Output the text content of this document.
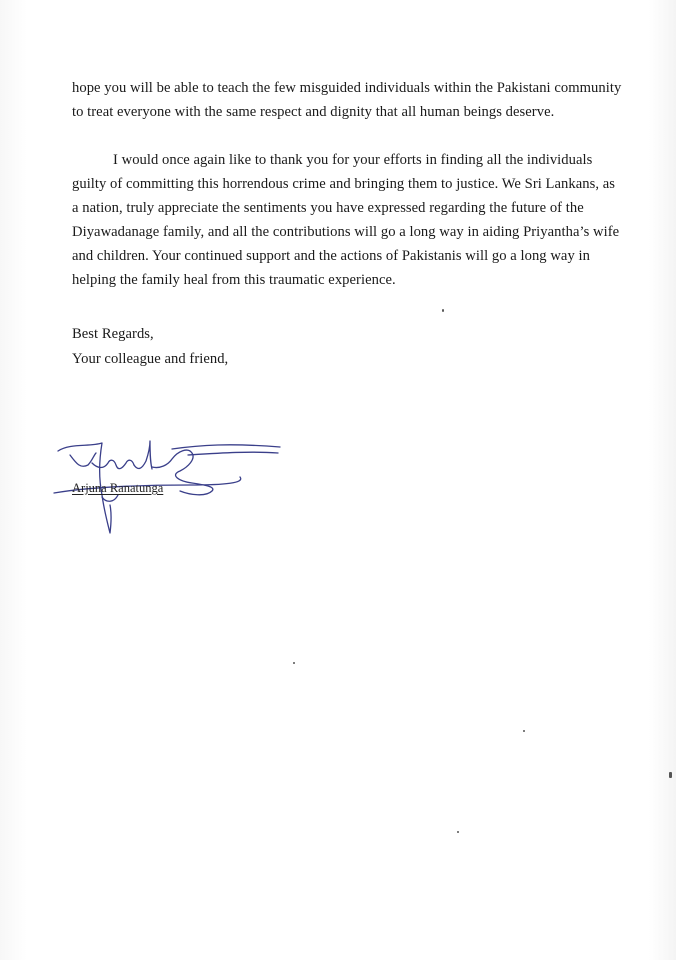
hope you will be able to teach the few misguided individuals within the Pakistani community
to treat everyone with the same respect and dignity that all human beings deserve.
I would once again like to thank you for your efforts in finding all the individuals
guilty of committing this horrendous crime and bringing them to justice. We Sri Lankans, as
a nation, truly appreciate the sentiments you have expressed regarding the future of the
Diyawadanage family, and all the contributions will go a long way in aiding Priyantha’s wife
and children. Your continued support and the actions of Pakistanis will go a long way in
helping the family heal from this traumatic experience.
Best Regards,
Your colleague and friend,
Arjuna Ranatunga
